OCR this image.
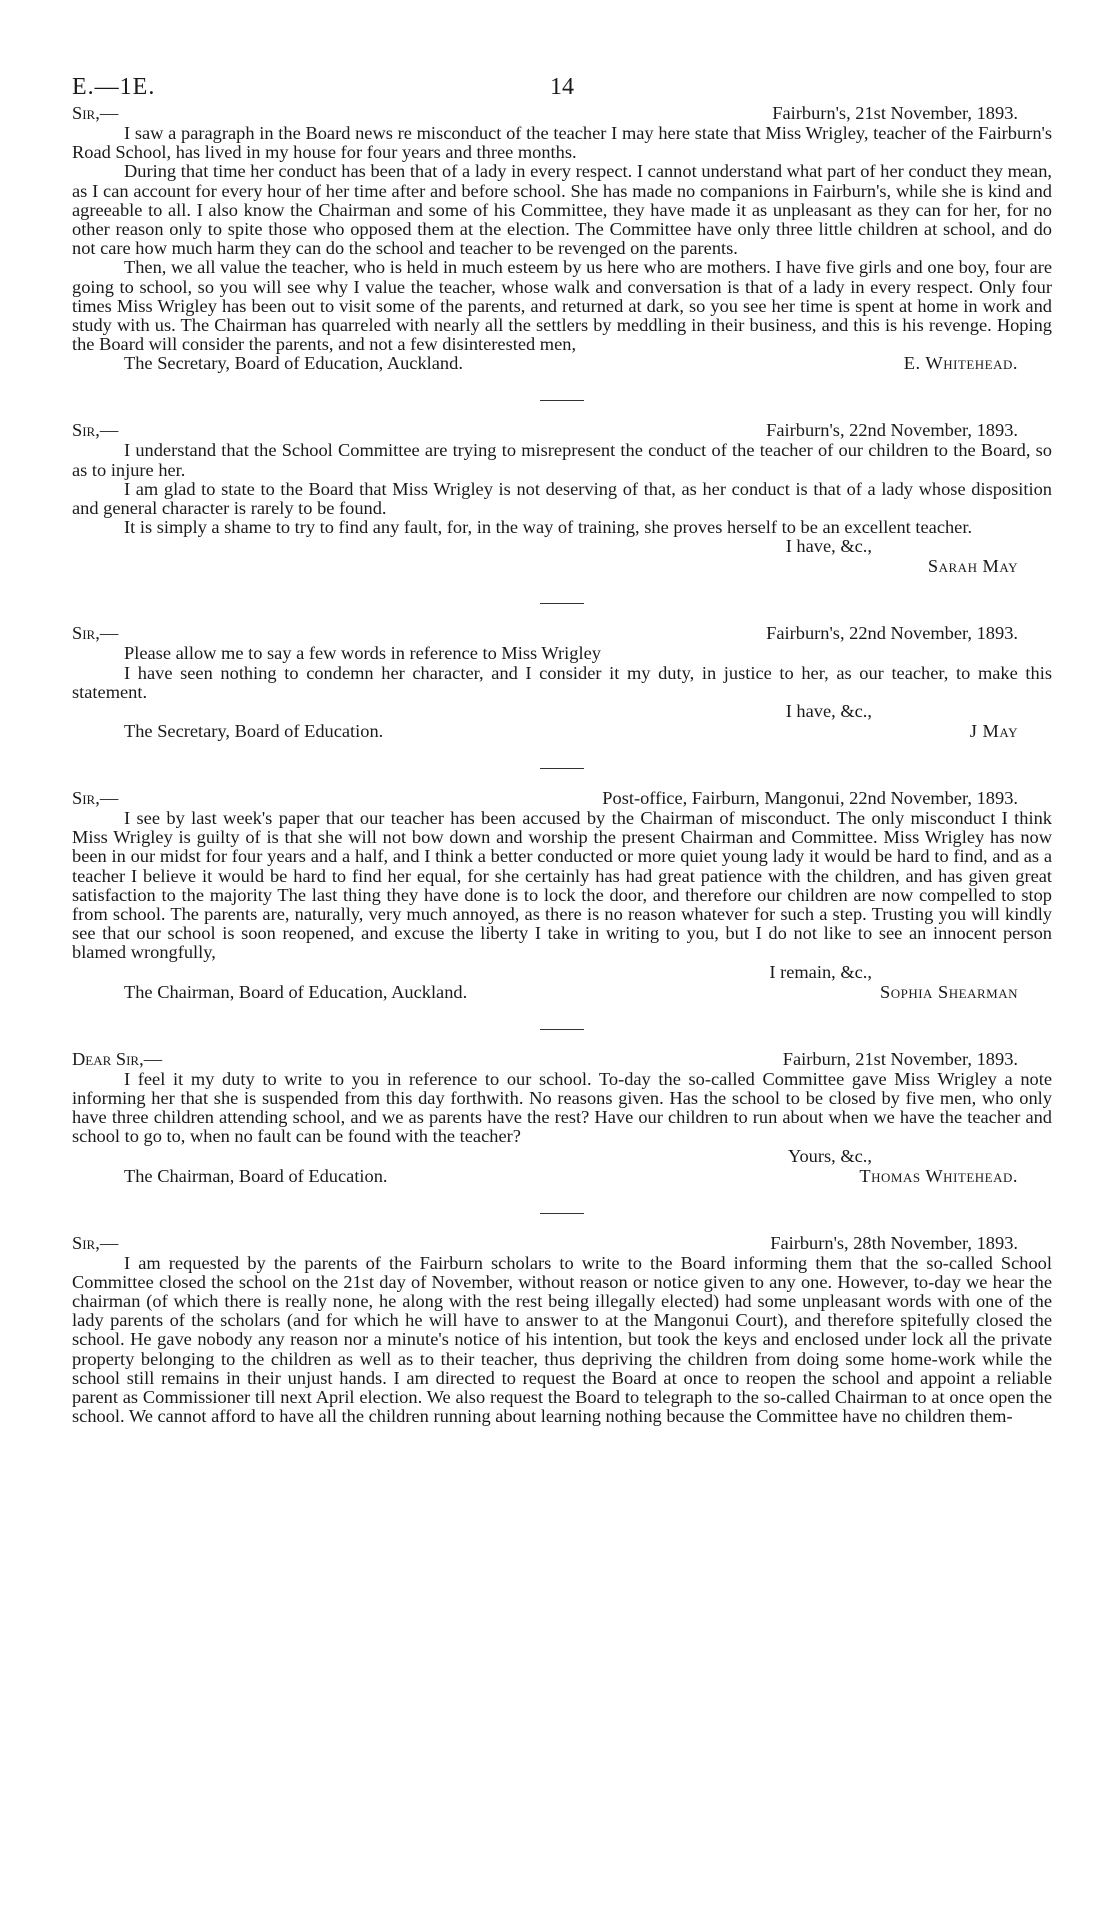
E.—1E.	14
Sir,—	Fairburn's, 21st November, 1893.

I saw a paragraph in the Board news re misconduct of the teacher I may here state that Miss Wrigley, teacher of the Fairburn's Road School, has lived in my house for four years and three months.

During that time her conduct has been that of a lady in every respect. I cannot understand what part of her conduct they mean, as I can account for every hour of her time after and before school. She has made no companions in Fairburn's, while she is kind and agreeable to all. I also know the Chairman and some of his Committee, they have made it as unpleasant as they can for her, for no other reason only to spite those who opposed them at the election. The Committee have only three little children at school, and do not care how much harm they can do the school and teacher to be revenged on the parents.

Then, we all value the teacher, who is held in much esteem by us here who are mothers. I have five girls and one boy, four are going to school, so you will see why I value the teacher, whose walk and conversation is that of a lady in every respect. Only four times Miss Wrigley has been out to visit some of the parents, and returned at dark, so you see her time is spent at home in work and study with us. The Chairman has quarreled with nearly all the settlers by meddling in their business, and this is his revenge. Hoping the Board will consider the parents, and not a few disinterested men,

The Secretary, Board of Education, Auckland.	E. Whitehead.
Sir,—	Fairburn's, 22nd November, 1893.

I understand that the School Committee are trying to misrepresent the conduct of the teacher of our children to the Board, so as to injure her.

I am glad to state to the Board that Miss Wrigley is not deserving of that, as her conduct is that of a lady whose disposition and general character is rarely to be found.

It is simply a shame to try to find any fault, for, in the way of training, she proves herself to be an excellent teacher.

I have, &c.,
Sarah May
Sir,—	Fairburn's, 22nd November, 1893.

Please allow me to say a few words in reference to Miss Wrigley

I have seen nothing to condemn her character, and I consider it my duty, in justice to her, as our teacher, to make this statement.

I have, &c.,
The Secretary, Board of Education.	J May
Sir,—	Post-office, Fairburn, Mangonui, 22nd November, 1893.

I see by last week's paper that our teacher has been accused by the Chairman of misconduct. The only misconduct I think Miss Wrigley is guilty of is that she will not bow down and worship the present Chairman and Committee. Miss Wrigley has now been in our midst for four years and a half, and I think a better conducted or more quiet young lady it would be hard to find, and as a teacher I believe it would be hard to find her equal, for she certainly has had great patience with the children, and has given great satisfaction to the majority The last thing they have done is to lock the door, and therefore our children are now compelled to stop from school. The parents are, naturally, very much annoyed, as there is no reason whatever for such a step. Trusting you will kindly see that our school is soon reopened, and excuse the liberty I take in writing to you, but I do not like to see an innocent person blamed wrongfully,

I remain, &c.,
The Chairman, Board of Education, Auckland.	Sophia Shearman
Dear Sir,—	Fairburn, 21st November, 1893.

I feel it my duty to write to you in reference to our school. To-day the so-called Committee gave Miss Wrigley a note informing her that she is suspended from this day forthwith. No reasons given. Has the school to be closed by five men, who only have three children attending school, and we as parents have the rest? Have our children to run about when we have the teacher and school to go to, when no fault can be found with the teacher?

Yours, &c.,
The Chairman, Board of Education.	Thomas Whitehead.
Sir,—	Fairburn's, 28th November, 1893.

I am requested by the parents of the Fairburn scholars to write to the Board informing them that the so-called School Committee closed the school on the 21st day of November, without reason or notice given to any one. However, to-day we hear the chairman (of which there is really none, he along with the rest being illegally elected) had some unpleasant words with one of the lady parents of the scholars (and for which he will have to answer to at the Mangonui Court), and therefore spitefully closed the school. He gave nobody any reason nor a minute's notice of his intention, but took the keys and enclosed under lock all the private property belonging to the children as well as to their teacher, thus depriving the children from doing some home-work while the school still remains in their unjust hands. I am directed to request the Board at once to reopen the school and appoint a reliable parent as Commissioner till next April election. We also request the Board to telegraph to the so-called Chairman to at once open the school. We cannot afford to have all the children running about learning nothing because the Committee have no children them-
